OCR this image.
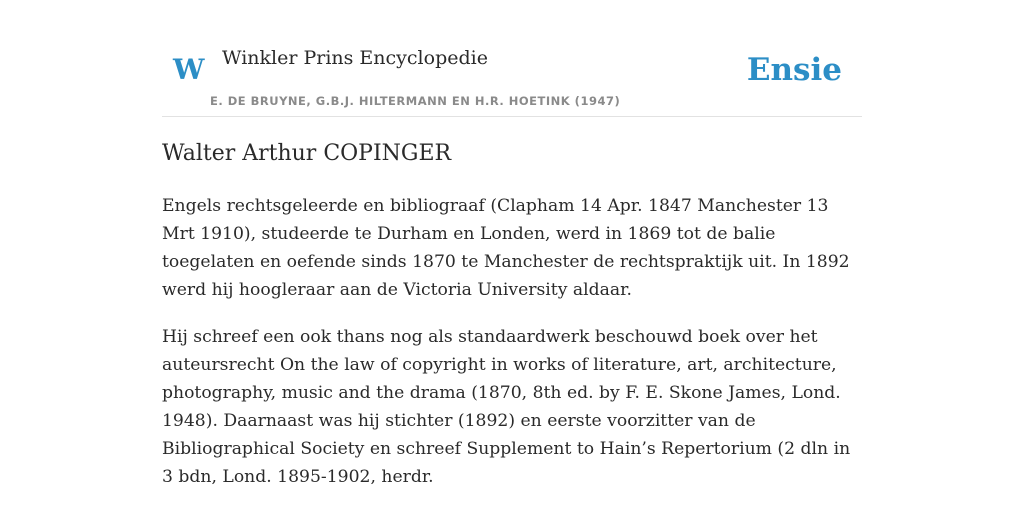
W Winkler Prins Encyclopedie
E. DE BRUYNE, G.B.J. HILTERMANN EN H.R. HOETINK (1947)
Ensie
Walter Arthur COPINGER

Engels rechtsgeleerde en bibliograaf (Clapham 14 Apr. 1847 Manchester 13 Mrt 1910), studeerde te Durham en Londen, werd in 1869 tot de balie toegelaten en oefende sinds 1870 te Manchester de rechtspraktijk uit. In 1892 werd hij hoogleraar aan de Victoria University aldaar.

Hij schreef een ook thans nog als standaardwerk beschouwd boek over het auteursrecht On the law of copyright in works of literature, art, architecture, photography, music and the drama (1870, 8th ed. by F. E. Skone James, Lond. 1948). Daarnaast was hij stichter (1892) en eerste voorzitter van de Bibliographical Society en schreef Supplement to Hain’s Repertorium (2 dln in 3 bdn, Lond. 1895-1902, herdr.
